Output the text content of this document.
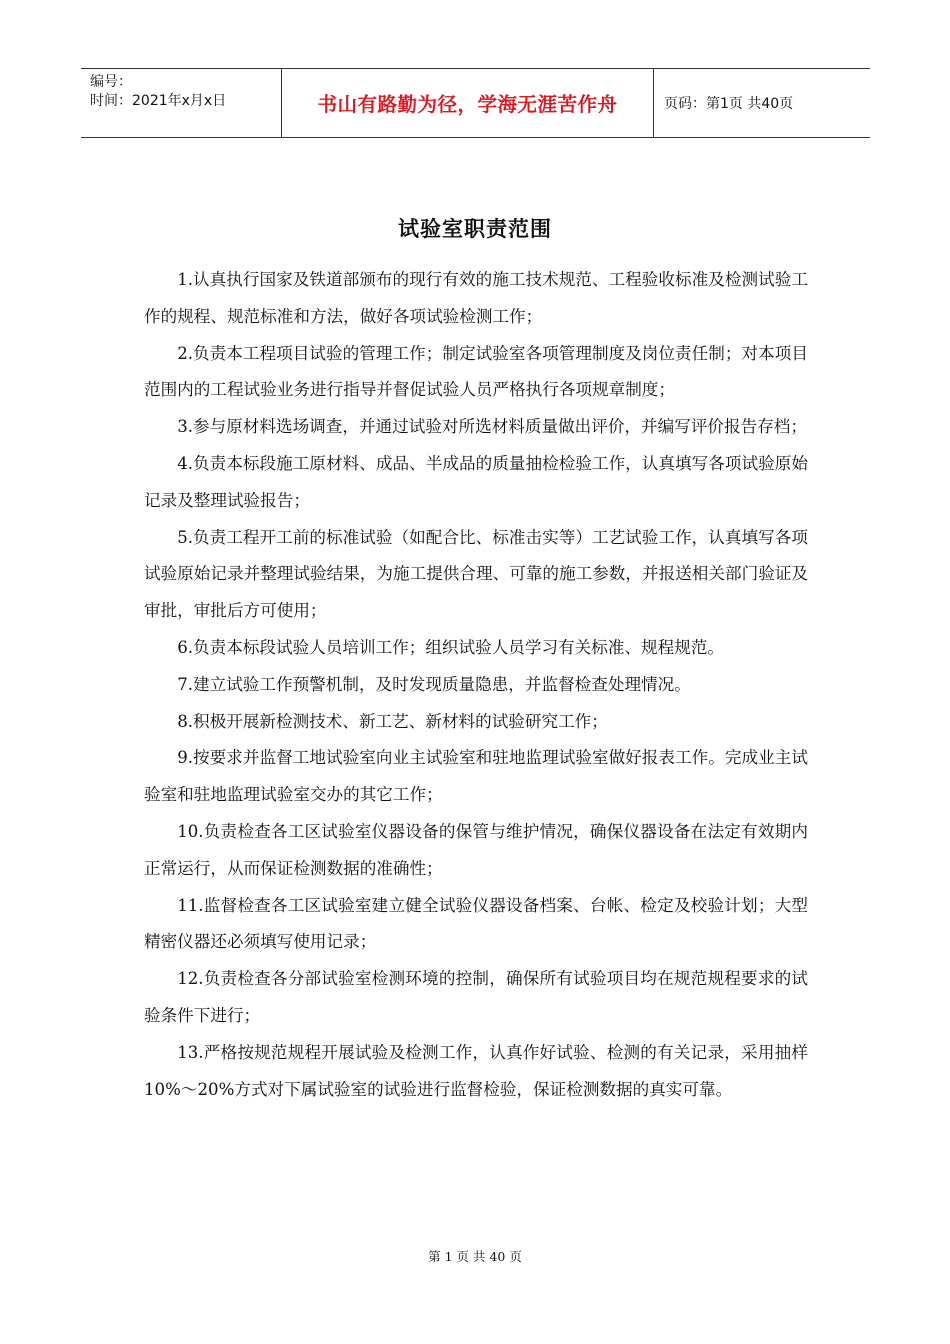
编号：
时间：2021年x月x日	书山有路勤为径，学海无涯苦作舟	页码：第1页 共40页
试验室职责范围

1.认真执行国家及铁道部颁布的现行有效的施工技术规范、工程验收标准及检测试验工作的规程、规范标准和方法，做好各项试验检测工作；

2.负责本工程项目试验的管理工作；制定试验室各项管理制度及岗位责任制；对本项目范围内的工程试验业务进行指导并督促试验人员严格执行各项规章制度；

3.参与原材料选场调查，并通过试验对所选材料质量做出评价，并编写评价报告存档；

4.负责本标段施工原材料、成品、半成品的质量抽检检验工作，认真填写各项试验原始记录及整理试验报告；

5.负责工程开工前的标准试验（如配合比、标准击实等）工艺试验工作，认真填写各项试验原始记录并整理试验结果，为施工提供合理、可靠的施工参数，并报送相关部门验证及审批，审批后方可使用；

6.负责本标段试验人员培训工作；组织试验人员学习有关标准、规程规范。

7.建立试验工作预警机制，及时发现质量隐患，并监督检查处理情况。

8.积极开展新检测技术、新工艺、新材料的试验研究工作；

9.按要求并监督工地试验室向业主试验室和驻地监理试验室做好报表工作。完成业主试验室和驻地监理试验室交办的其它工作；

10.负责检查各工区试验室仪器设备的保管与维护情况，确保仪器设备在法定有效期内正常运行，从而保证检测数据的准确性；

11.监督检查各工区试验室建立健全试验仪器设备档案、台帐、检定及校验计划；大型精密仪器还必须填写使用记录；

12.负责检查各分部试验室检测环境的控制，确保所有试验项目均在规范规程要求的试验条件下进行；

13.严格按规范规程开展试验及检测工作，认真作好试验、检测的有关记录，采用抽样10%～20%方式对下属试验室的试验进行监督检验，保证检测数据的真实可靠。

第 1 页 共 40 页
